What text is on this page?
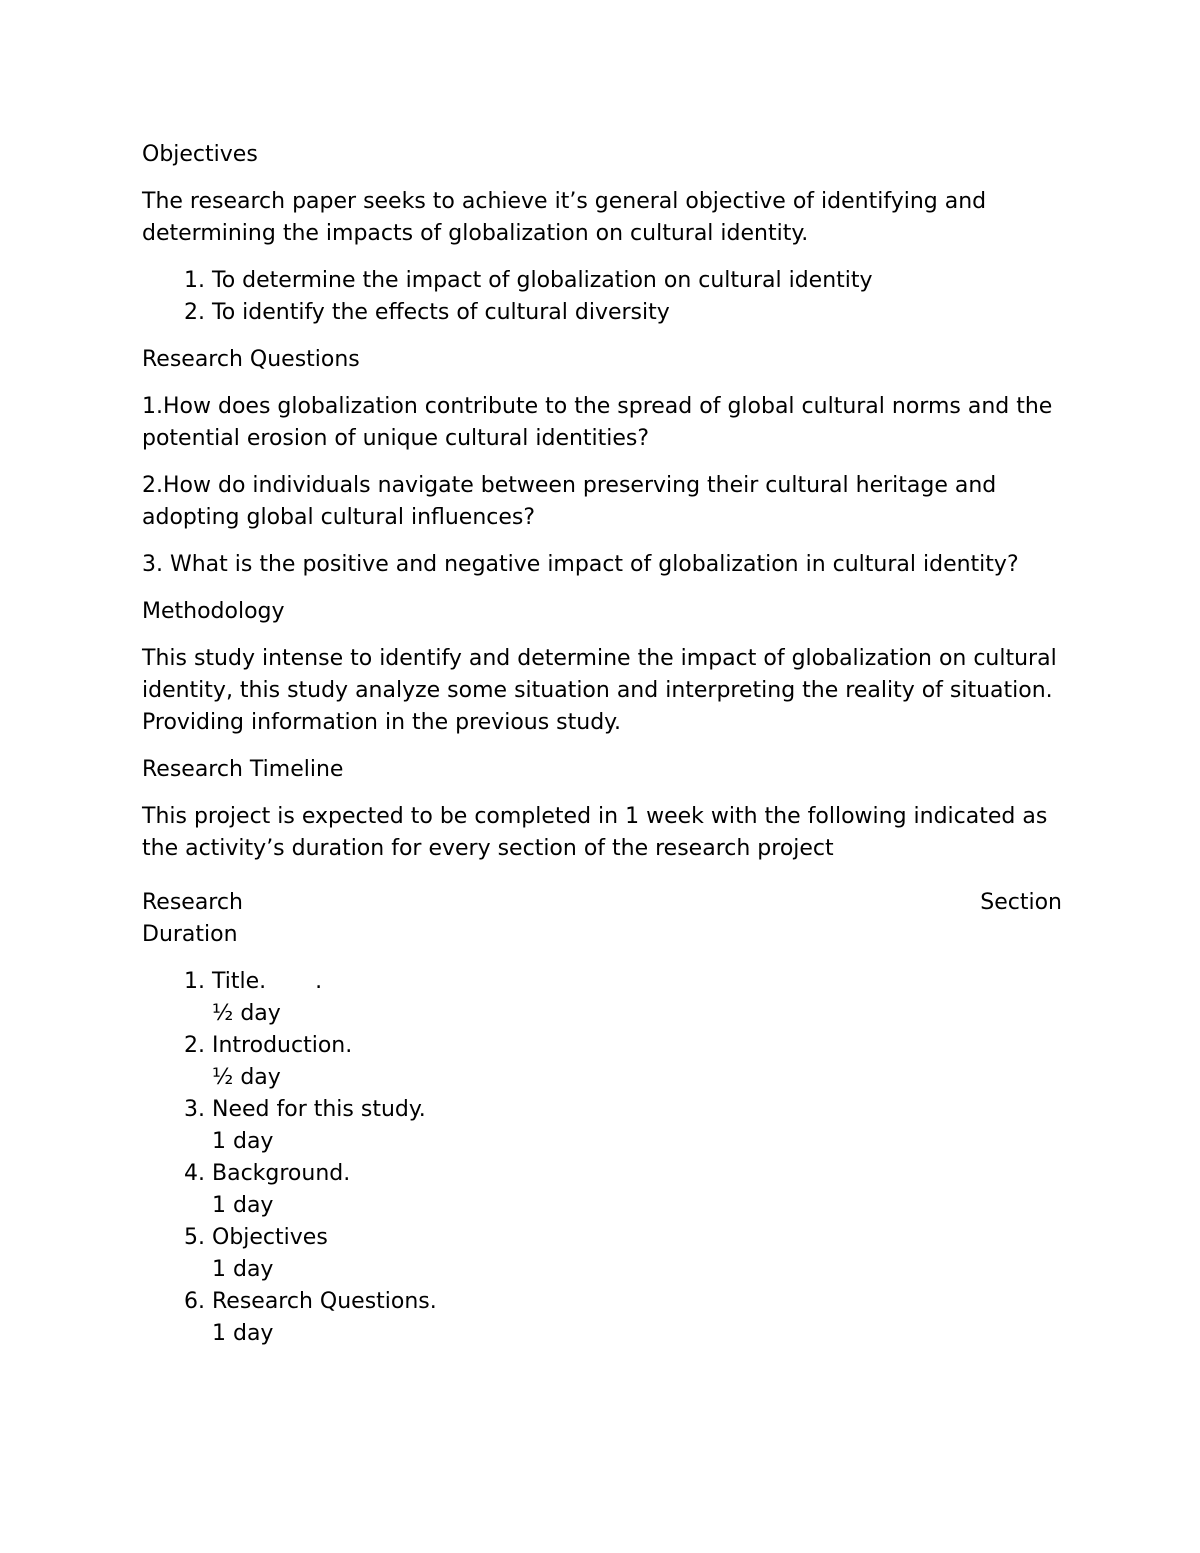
Objectives

The research paper seeks to achieve it’s general objective of identifying and determining the impacts of globalization on cultural identity.

1. To determine the impact of globalization on cultural identity
2. To identify the effects of cultural diversity

Research Questions

1.How does globalization contribute to the spread of global cultural norms and the potential erosion of unique cultural identities?

2.How do individuals navigate between preserving their cultural heritage and adopting global cultural influences?

3. What is the positive and negative impact of globalization in cultural identity?

Methodology

This study intense to identify and determine the impact of globalization on cultural identity, this study analyze some situation and interpreting the reality of situation. Providing information in the previous study.

Research Timeline

This project is expected to be completed in 1 week with the following indicated as the activity’s duration for every section of the research project

Research	Section
Duration
1. Title.       .
½ day
2. Introduction.
½ day
3. Need for this study.
1 day
4. Background.
1 day
5. Objectives
1 day
6. Research Questions.
1 day
